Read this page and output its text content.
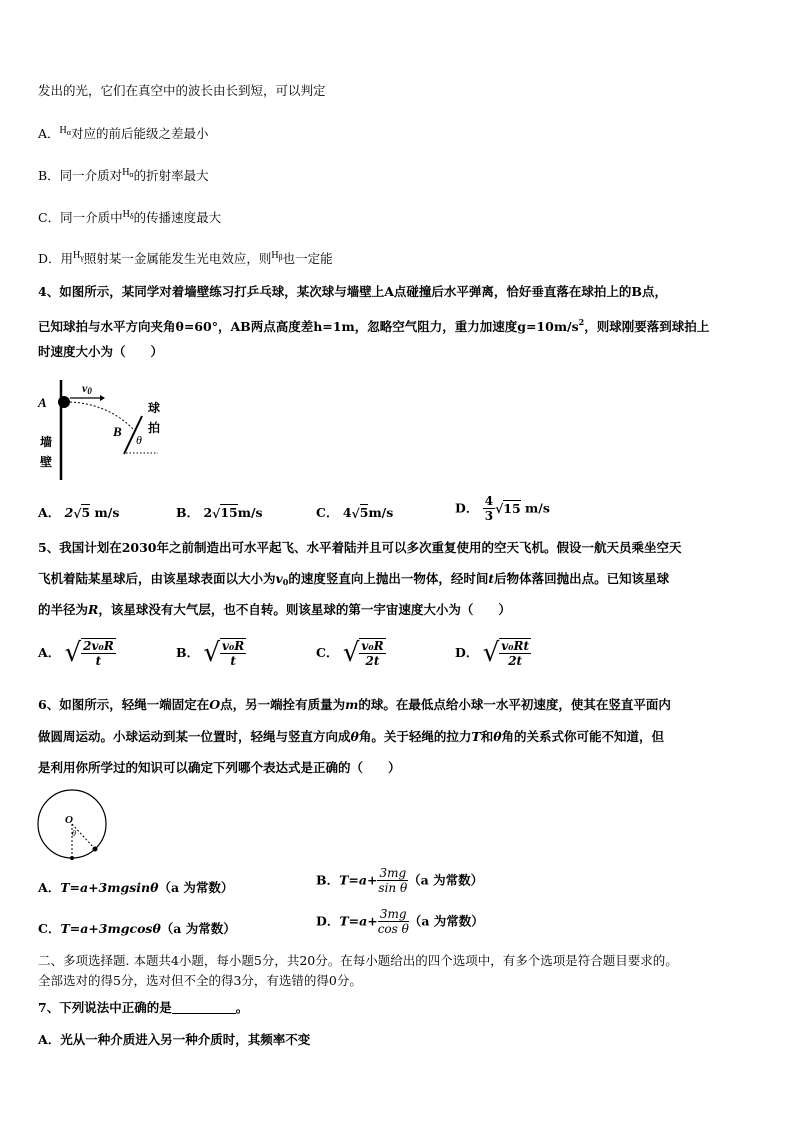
发出的光，它们在真空中的波长由长到短，可以判定
A．$^{H_\alpha}$对应的前后能级之差最小
B．同一介质对$^{H_\alpha}$的折射率最大
C．同一介质中$^{H_\delta}$的传播速度最大
D．用$^{H_\gamma}$照射某一金属能发生光电效应，则$^{H_\beta}$也一定能
4、如图所示，某同学对着墙壁练习打乒乓球，某次球与墙壁上A点碰撞后水平弹离，恰好垂直落在球拍上的B点，
已知球拍与水平方向夹角θ=60°，AB两点高度差h=1m，忽略空气阻力，重力加速度$g=10m/s^2$，则球刚要落到球拍上
时速度大小为（　　）
A
v0
B
θ
墙
壁
球
拍
A． 2√5 m/s	B． 2√15m/s	C． 4√5m/s	D． $\frac{4}{3} √15$ m/s
5、我国计划在2030年之前制造出可水平起飞、水平着陆并且可以多次重复使用的空天飞机。假设一航天员乘坐空天
飞机着陆某星球后，由该星球表面以大小为$v_0$的速度竖直向上抛出一物体，经时间t后物体落回抛出点。已知该星球
的半径为R，该星球没有大气层，也不自转。则该星球的第一宇宙速度大小为（　　）
A． √ $\frac{\text{2v₀R}}{t}$	B． √ $\frac{\text{v₀R}}{t}$	C． √ $\frac{\text{v₀R}}{2t}$	D． √ $\frac{\text{v₀Rt}}{2t}$
6、如图所示，轻绳一端固定在O点，另一端拴有质量为m的球。在最低点给小球一水平初速度，使其在竖直平面内
做圆周运动。小球运动到某一位置时，轻绳与竖直方向成θ角。关于轻绳的拉力T和θ角的关系式你可能不知道，但
是利用你所学过的知识可以确定下列哪个表达式是正确的（　　）
O
θ
A．T=a+3mgsinθ（a 为常数）	B．$T=a+ \frac{3mg}{\text{sin θ}} (a$ 为常数）
C．T=a+3mgcosθ（a 为常数）	D．$T=a+ \frac{3mg}{\text{cos θ}} (a$ 为常数）
二、多项选择题. 本题共4小题，每小题5分，共20分。在每小题给出的四个选项中，有多个选项是符合题目要求的。
全部选对的得5分，选对但不全的得3分，有选错的得0分。
7、下列说法中正确的是	。
A．光从一种介质进入另一种介质时，其频率不变
